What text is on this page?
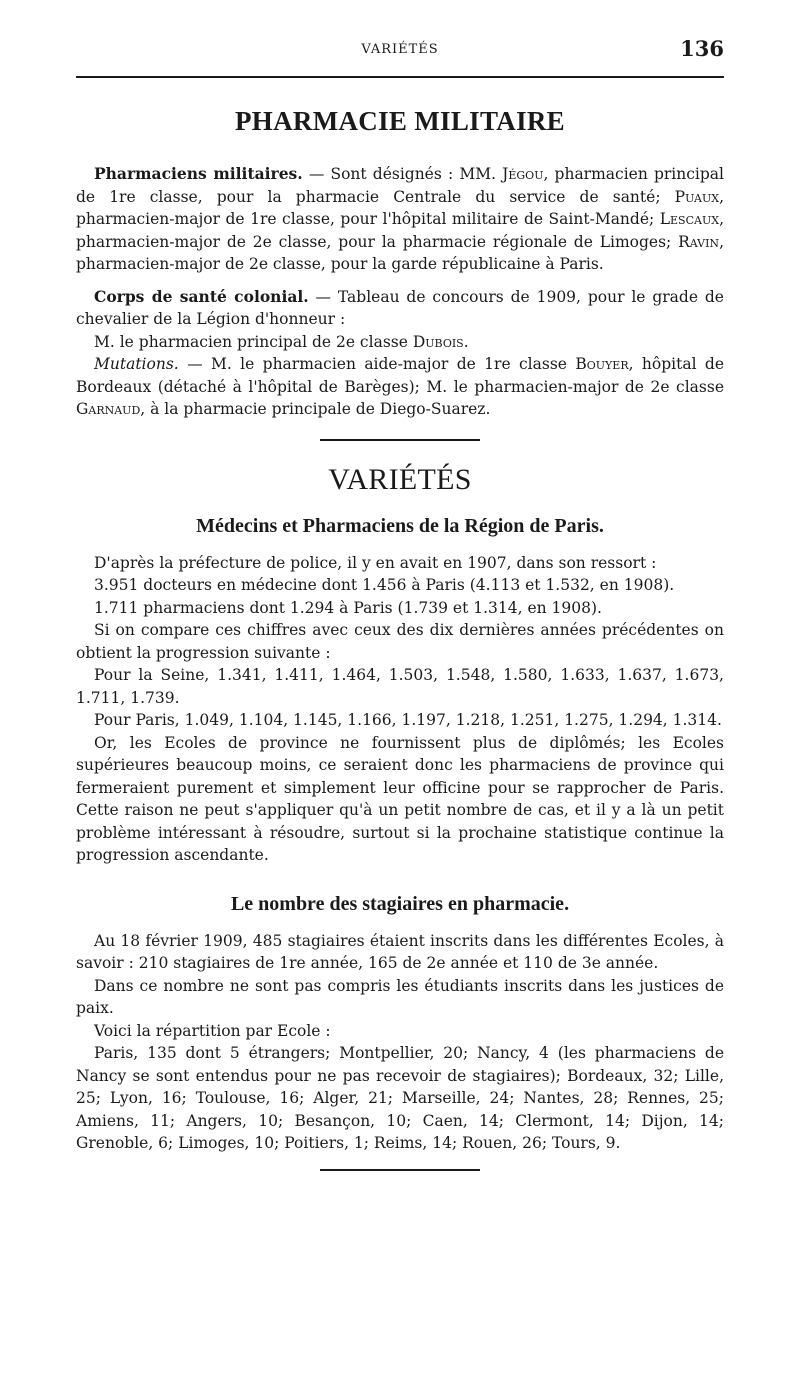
VARIÉTÉS	136
PHARMACIE MILITAIRE

Pharmaciens militaires. — Sont désignés : MM. Jégou, pharmacien principal de 1re classe, pour la pharmacie Centrale du service de santé; Puaux, pharmacien-major de 1re classe, pour l'hôpital militaire de Saint-Mandé; Lescaux, pharmacien-major de 2e classe, pour la pharmacie régionale de Limoges; Ravin, pharmacien-major de 2e classe, pour la garde républicaine à Paris.

Corps de santé colonial. — Tableau de concours de 1909, pour le grade de chevalier de la Légion d'honneur :

M. le pharmacien principal de 2e classe Dubois.

Mutations. — M. le pharmacien aide-major de 1re classe Bouyer, hôpital de Bordeaux (détaché à l'hôpital de Barèges); M. le pharmacien-major de 2e classe Garnaud, à la pharmacie principale de Diego-Suarez.

VARIÉTÉS
Médecins et Pharmaciens de la Région de Paris.

D'après la préfecture de police, il y en avait en 1907, dans son ressort :

3.951 docteurs en médecine dont 1.456 à Paris (4.113 et 1.532, en 1908).

1.711 pharmaciens dont 1.294 à Paris (1.739 et 1.314, en 1908).

Si on compare ces chiffres avec ceux des dix dernières années précédentes on obtient la progression suivante :

Pour la Seine, 1.341, 1.411, 1.464, 1.503, 1.548, 1.580, 1.633, 1.637, 1.673, 1.711, 1.739.

Pour Paris, 1.049, 1.104, 1.145, 1.166, 1.197, 1.218, 1.251, 1.275, 1.294, 1.314.

Or, les Ecoles de province ne fournissent plus de diplômés; les Ecoles supérieures beaucoup moins, ce seraient donc les pharmaciens de province qui fermeraient purement et simplement leur officine pour se rapprocher de Paris. Cette raison ne peut s'appliquer qu'à un petit nombre de cas, et il y a là un petit problème intéressant à résoudre, surtout si la prochaine statistique continue la progression ascendante.

Le nombre des stagiaires en pharmacie.

Au 18 février 1909, 485 stagiaires étaient inscrits dans les différentes Ecoles, à savoir : 210 stagiaires de 1re année, 165 de 2e année et 110 de 3e année.

Dans ce nombre ne sont pas compris les étudiants inscrits dans les justices de paix.

Voici la répartition par Ecole :

Paris, 135 dont 5 étrangers; Montpellier, 20; Nancy, 4 (les pharmaciens de Nancy se sont entendus pour ne pas recevoir de stagiaires); Bordeaux, 32; Lille, 25; Lyon, 16; Toulouse, 16; Alger, 21; Marseille, 24; Nantes, 28; Rennes, 25; Amiens, 11; Angers, 10; Besançon, 10; Caen, 14; Clermont, 14; Dijon, 14; Grenoble, 6; Limoges, 10; Poitiers, 1; Reims, 14; Rouen, 26; Tours, 9.
